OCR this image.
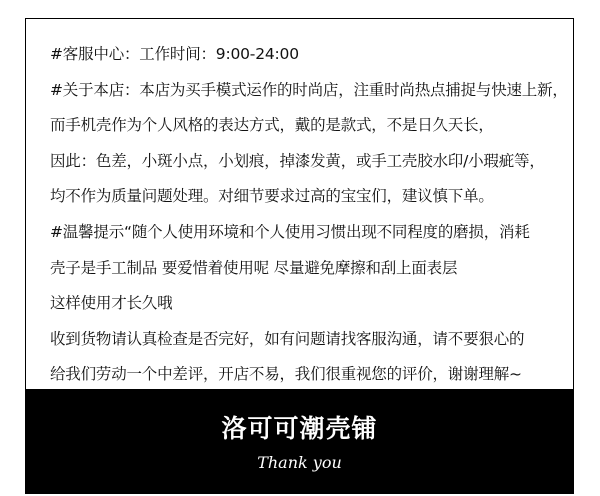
#客服中心：工作时间：9:00-24:00
#关于本店：本店为买手模式运作的时尚店，注重时尚热点捕捉与快速上新，
而手机壳作为个人风格的表达方式，戴的是款式，不是日久天长，
因此：色差，小斑小点，小划痕，掉漆发黄，或手工壳胶水印/小瑕疵等，
均不作为质量问题处理。对细节要求过高的宝宝们，建议慎下单。
#温馨提示“随个人使用环境和个人使用习惯出现不同程度的磨损，消耗
壳子是手工制品 要爱惜着使用呢 尽量避免摩擦和刮上面表层
这样使用才长久哦
收到货物请认真检查是否完好，如有问题请找客服沟通，请不要狠心的
给我们劳动一个中差评，开店不易，我们很重视您的评价，谢谢理解~
洛可可潮壳铺
Thank you
